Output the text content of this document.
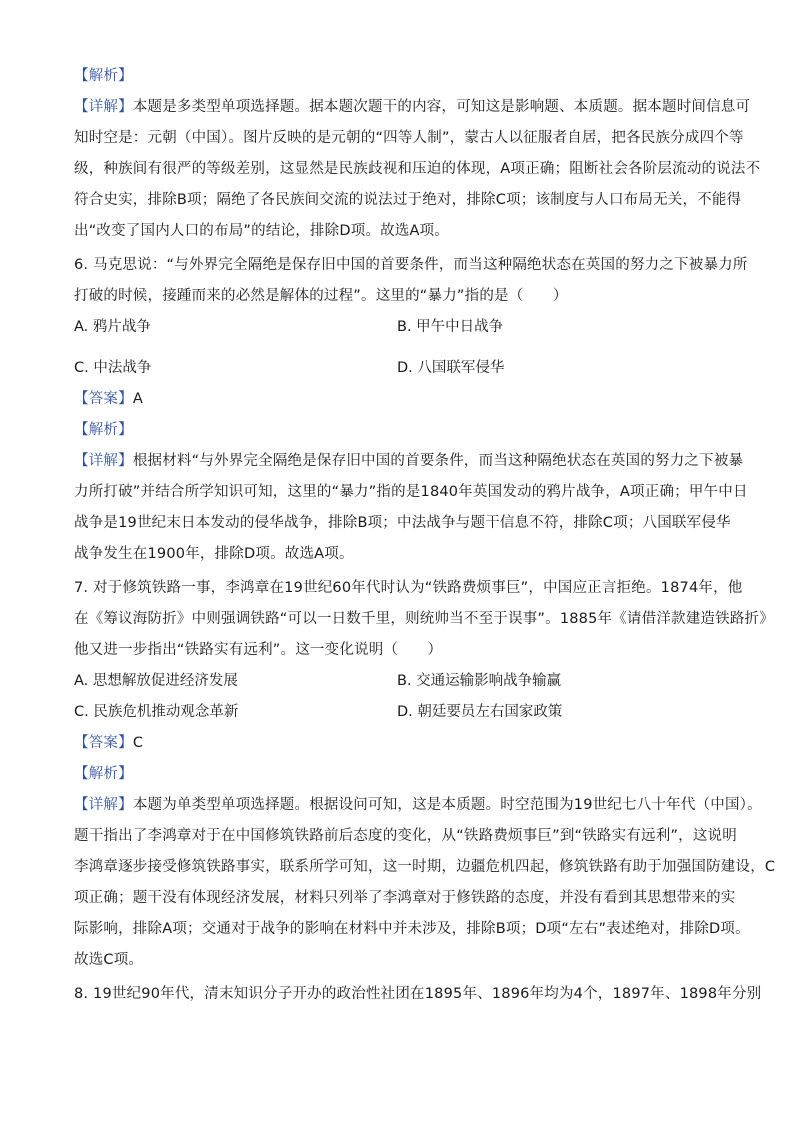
【解析】
【详解】本题是多类型单项选择题。据本题次题干的内容，可知这是影响题、本质题。据本题时间信息可
知时空是：元朝（中国）。图片反映的是元朝的“四等人制”，蒙古人以征服者自居，把各民族分成四个等
级，种族间有很严的等级差别，这显然是民族歧视和压迫的体现，A项正确；阻断社会各阶层流动的说法不
符合史实，排除B项；隔绝了各民族间交流的说法过于绝对，排除C项；该制度与人口布局无关，不能得
出“改变了国内人口的布局”的结论，排除D项。故选A项。
6. 马克思说：“与外界完全隔绝是保存旧中国的首要条件，而当这种隔绝状态在英国的努力之下被暴力所
打破的时候，接踵而来的必然是解体的过程”。这里的“暴力”指的是（　　）
A. 鸦片战争	B. 甲午中日战争
C. 中法战争	D. 八国联军侵华
【答案】A
【解析】
【详解】根据材料“与外界完全隔绝是保存旧中国的首要条件，而当这种隔绝状态在英国的努力之下被暴
力所打破”并结合所学知识可知，这里的“暴力”指的是1840年英国发动的鸦片战争，A项正确；甲午中日
战争是19世纪末日本发动的侵华战争，排除B项；中法战争与题干信息不符，排除C项；八国联军侵华
战争发生在1900年，排除D项。故选A项。
7. 对于修筑铁路一事，李鸿章在19世纪60年代时认为“铁路费烦事巨”，中国应正言拒绝。1874年，他
在《筹议海防折》中则强调铁路“可以一日数千里，则统帅当不至于误事”。1885年《请借洋款建造铁路折》
他又进一步指出“铁路实有远利”。这一变化说明（　　）
A. 思想解放促进经济发展	B. 交通运输影响战争输赢
C. 民族危机推动观念革新	D. 朝廷要员左右国家政策
【答案】C
【解析】
【详解】本题为单类型单项选择题。根据设问可知，这是本质题。时空范围为19世纪七八十年代（中国）。
题干指出了李鸿章对于在中国修筑铁路前后态度的变化，从“铁路费烦事巨”到“铁路实有远利”，这说明
李鸿章逐步接受修筑铁路事实，联系所学可知，这一时期，边疆危机四起，修筑铁路有助于加强国防建设，C
项正确；题干没有体现经济发展，材料只列举了李鸿章对于修铁路的态度，并没有看到其思想带来的实
际影响，排除A项；交通对于战争的影响在材料中并未涉及，排除B项；D项“左右”表述绝对，排除D项。
故选C项。
8. 19世纪90年代，清末知识分子开办的政治性社团在1895年、1896年均为4个，1897年、1898年分别
